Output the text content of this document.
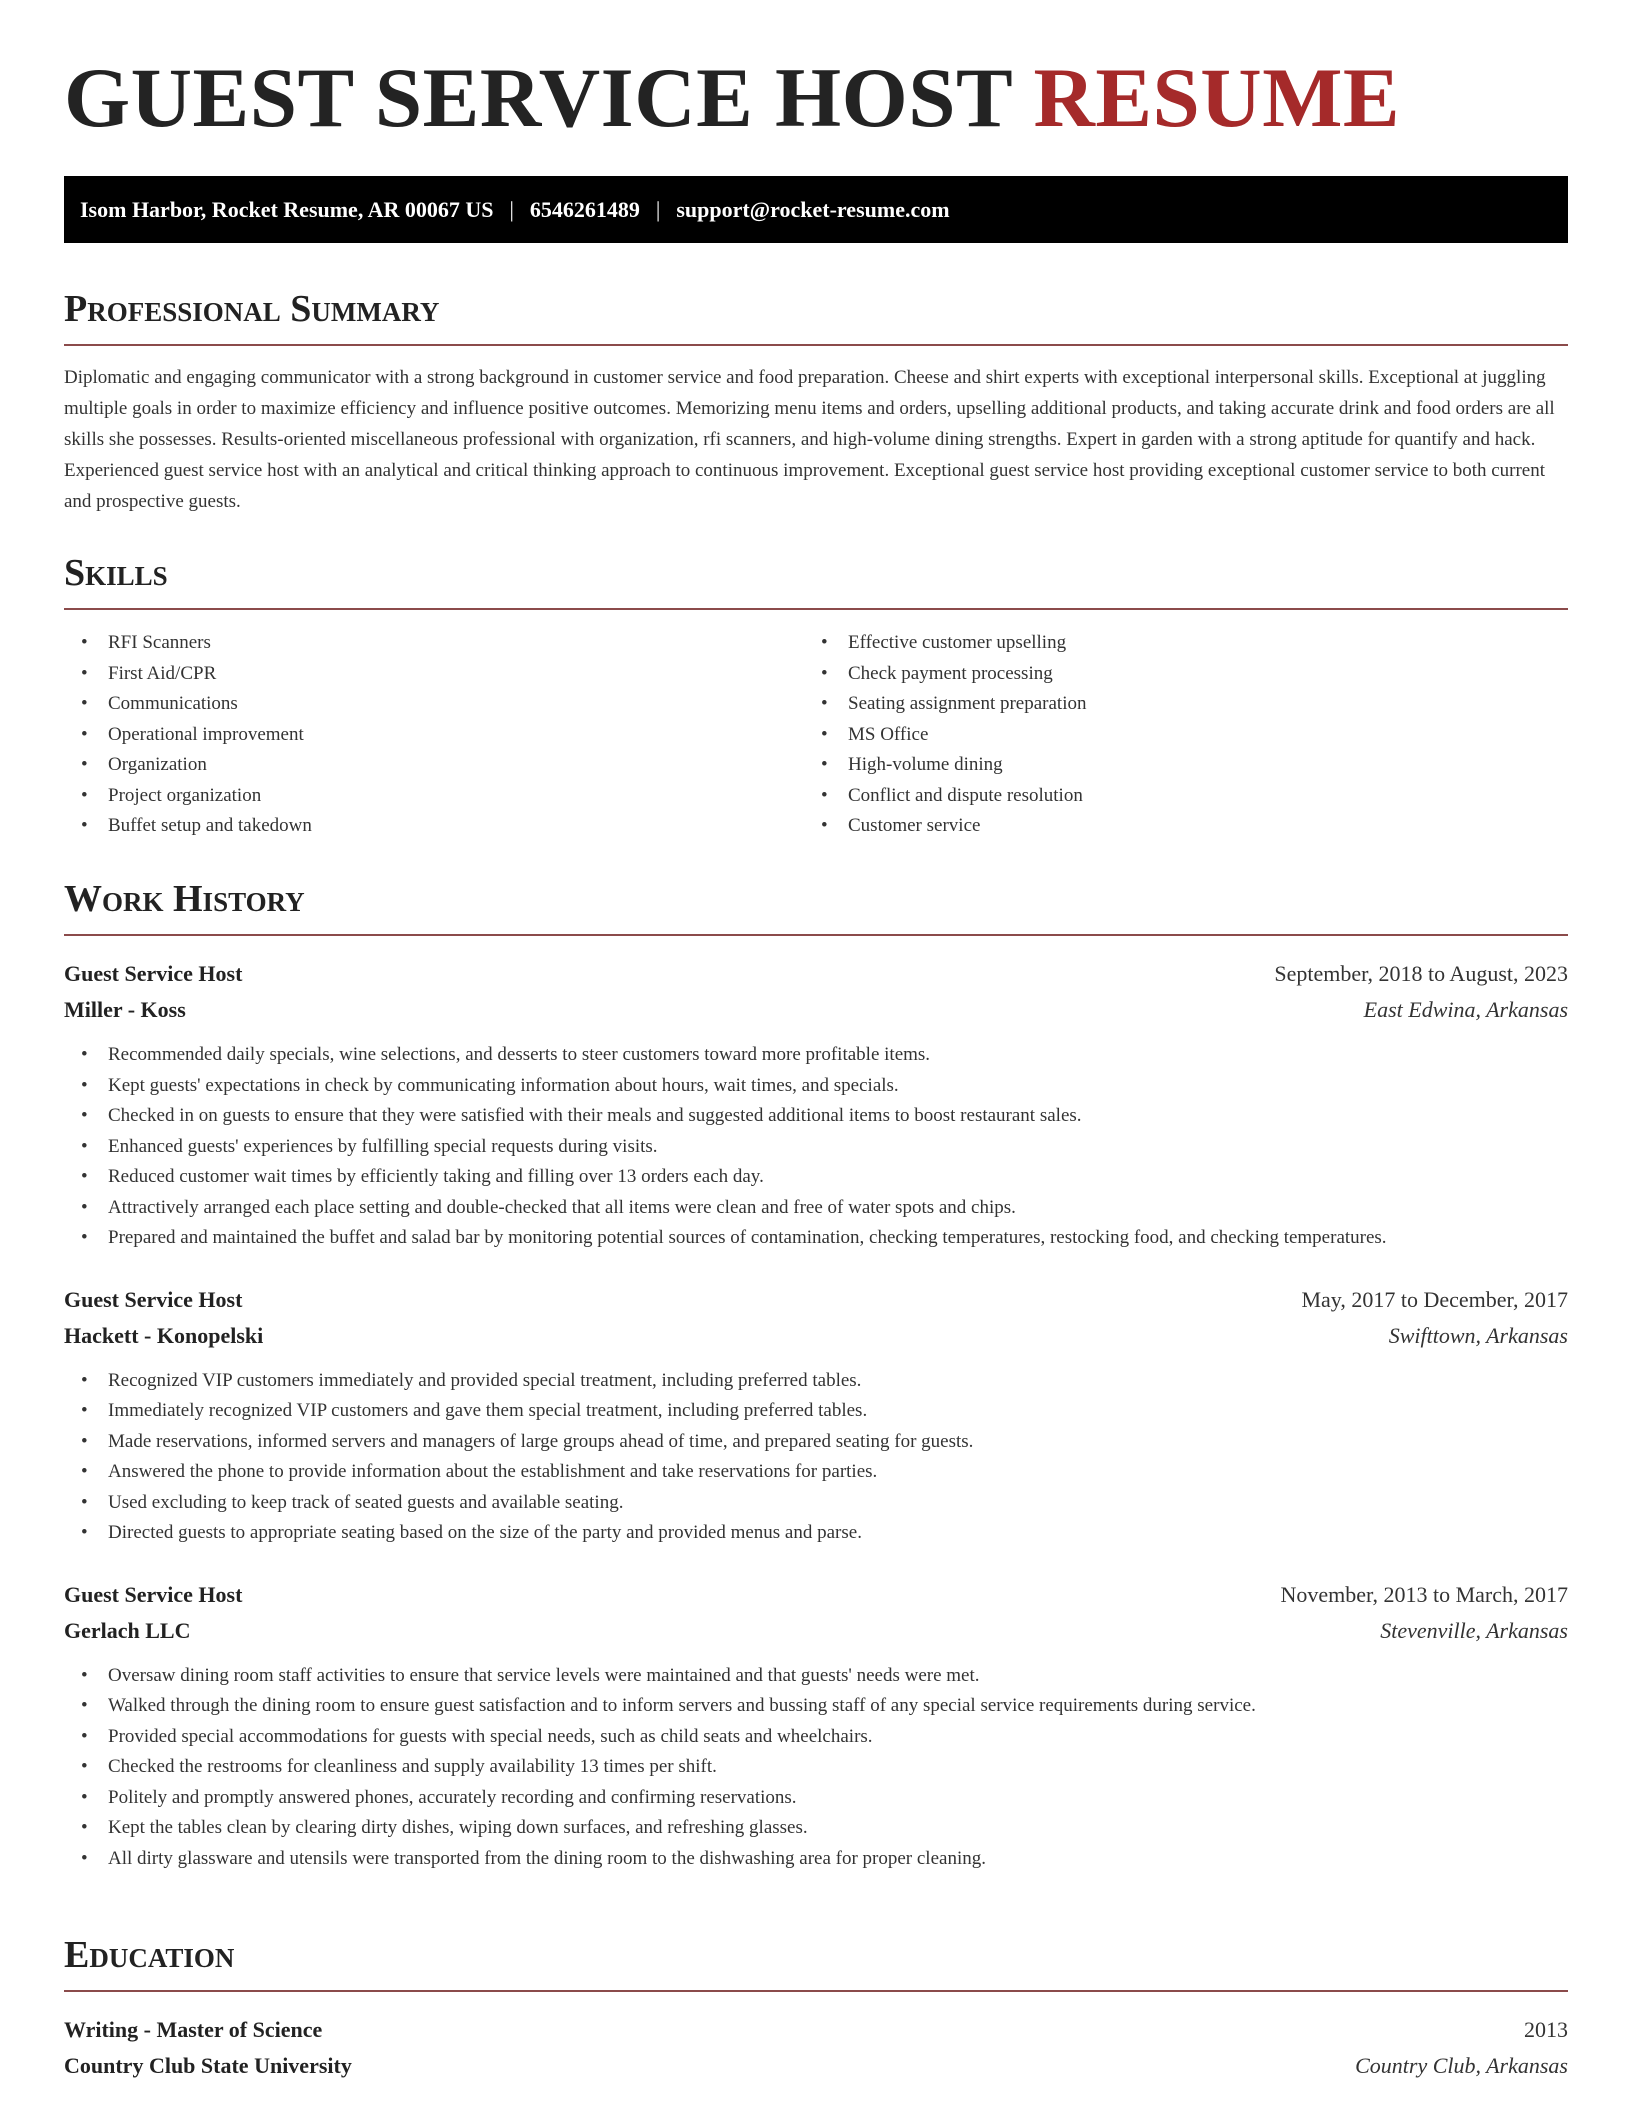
GUEST SERVICE HOST RESUME
Isom Harbor, Rocket Resume, AR 00067 US | 6546261489 | support@rocket-resume.com
Professional Summary

Diplomatic and engaging communicator with a strong background in customer service and food preparation. Cheese and shirt experts with exceptional interpersonal skills. Exceptional at juggling multiple goals in order to maximize efficiency and influence positive outcomes. Memorizing menu items and orders, upselling additional products, and taking accurate drink and food orders are all skills she possesses. Results-oriented miscellaneous professional with organization, rfi scanners, and high-volume dining strengths. Expert in garden with a strong aptitude for quantify and hack. Experienced guest service host with an analytical and critical thinking approach to continuous improvement. Exceptional guest service host providing exceptional customer service to both current and prospective guests.

Skills
• RFI Scanners
• First Aid/CPR
• Communications
• Operational improvement
• Organization
• Project organization
• Buffet setup and takedown
• Effective customer upselling
• Check payment processing
• Seating assignment preparation
• MS Office
• High-volume dining
• Conflict and dispute resolution
• Customer service
Work History
Guest Service Host	September, 2018 to August, 2023
Miller - Koss	East Edwina, Arkansas
• Recommended daily specials, wine selections, and desserts to steer customers toward more profitable items.
• Kept guests' expectations in check by communicating information about hours, wait times, and specials.
• Checked in on guests to ensure that they were satisfied with their meals and suggested additional items to boost restaurant sales.
• Enhanced guests' experiences by fulfilling special requests during visits.
• Reduced customer wait times by efficiently taking and filling over 13 orders each day.
• Attractively arranged each place setting and double-checked that all items were clean and free of water spots and chips.
• Prepared and maintained the buffet and salad bar by monitoring potential sources of contamination, checking temperatures, restocking food, and checking temperatures.
Guest Service Host	May, 2017 to December, 2017
Hackett - Konopelski	Swifttown, Arkansas
• Recognized VIP customers immediately and provided special treatment, including preferred tables.
• Immediately recognized VIP customers and gave them special treatment, including preferred tables.
• Made reservations, informed servers and managers of large groups ahead of time, and prepared seating for guests.
• Answered the phone to provide information about the establishment and take reservations for parties.
• Used excluding to keep track of seated guests and available seating.
• Directed guests to appropriate seating based on the size of the party and provided menus and parse.
Guest Service Host	November, 2013 to March, 2017
Gerlach LLC	Stevenville, Arkansas
• Oversaw dining room staff activities to ensure that service levels were maintained and that guests' needs were met.
• Walked through the dining room to ensure guest satisfaction and to inform servers and bussing staff of any special service requirements during service.
• Provided special accommodations for guests with special needs, such as child seats and wheelchairs.
• Checked the restrooms for cleanliness and supply availability 13 times per shift.
• Politely and promptly answered phones, accurately recording and confirming reservations.
• Kept the tables clean by clearing dirty dishes, wiping down surfaces, and refreshing glasses.
• All dirty glassware and utensils were transported from the dining room to the dishwashing area for proper cleaning.
Education
Writing - Master of Science	2013
Country Club State University	Country Club, Arkansas
